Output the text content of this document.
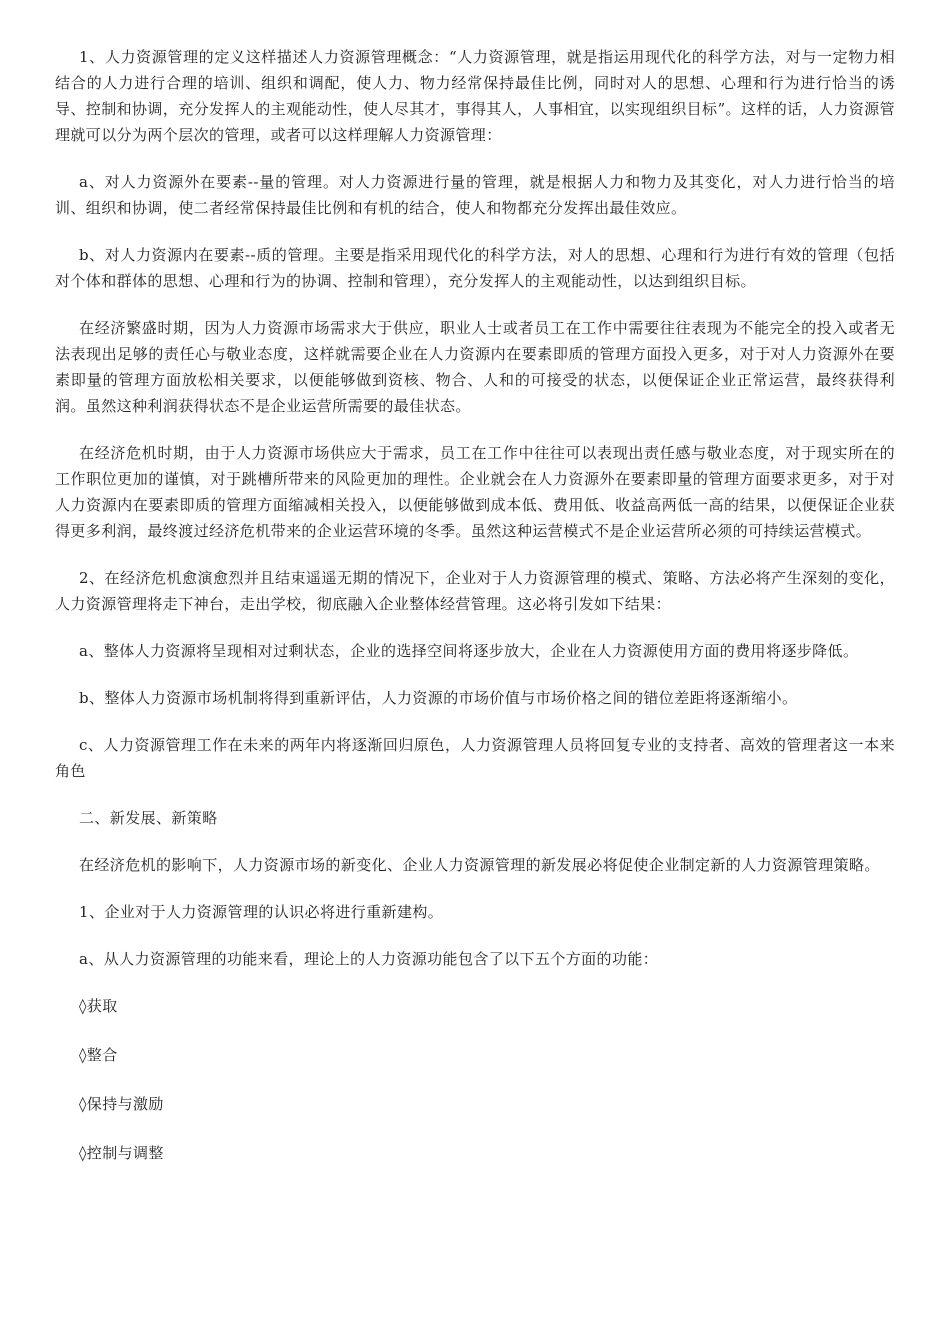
1、人力资源管理的定义这样描述人力资源管理概念：“人力资源管理，就是指运用现代化的科学方法，对与一定物力相结合的人力进行合理的培训、组织和调配，使人力、物力经常保持最佳比例，同时对人的思想、心理和行为进行恰当的诱导、控制和协调，充分发挥人的主观能动性，使人尽其才，事得其人，人事相宜，以实现组织目标”。这样的话，人力资源管理就可以分为两个层次的管理，或者可以这样理解人力资源管理：

a、对人力资源外在要素--量的管理。对人力资源进行量的管理，就是根据人力和物力及其变化，对人力进行恰当的培训、组织和协调，使二者经常保持最佳比例和有机的结合，使人和物都充分发挥出最佳效应。

b、对人力资源内在要素--质的管理。主要是指采用现代化的科学方法，对人的思想、心理和行为进行有效的管理（包括对个体和群体的思想、心理和行为的协调、控制和管理），充分发挥人的主观能动性，以达到组织目标。

在经济繁盛时期，因为人力资源市场需求大于供应，职业人士或者员工在工作中需要往往表现为不能完全的投入或者无法表现出足够的责任心与敬业态度，这样就需要企业在人力资源内在要素即质的管理方面投入更多，对于对人力资源外在要素即量的管理方面放松相关要求，以便能够做到资核、物合、人和的可接受的状态，以便保证企业正常运营，最终获得利润。虽然这种利润获得状态不是企业运营所需要的最佳状态。

在经济危机时期，由于人力资源市场供应大于需求，员工在工作中往往可以表现出责任感与敬业态度，对于现实所在的工作职位更加的谨慎，对于跳槽所带来的风险更加的理性。企业就会在人力资源外在要素即量的管理方面要求更多，对于对人力资源内在要素即质的管理方面缩减相关投入，以便能够做到成本低、费用低、收益高两低一高的结果，以便保证企业获得更多利润，最终渡过经济危机带来的企业运营环境的冬季。虽然这种运营模式不是企业运营所必须的可持续运营模式。

2、在经济危机愈演愈烈并且结束遥遥无期的情况下，企业对于人力资源管理的模式、策略、方法必将产生深刻的变化，人力资源管理将走下神台，走出学校，彻底融入企业整体经营管理。这必将引发如下结果：

a、整体人力资源将呈现相对过剩状态，企业的选择空间将逐步放大，企业在人力资源使用方面的费用将逐步降低。

b、整体人力资源市场机制将得到重新评估，人力资源的市场价值与市场价格之间的错位差距将逐渐缩小。

c、人力资源管理工作在未来的两年内将逐渐回归原色，人力资源管理人员将回复专业的支持者、高效的管理者这一本来角色

二、新发展、新策略

在经济危机的影响下，人力资源市场的新变化、企业人力资源管理的新发展必将促使企业制定新的人力资源管理策略。

1、企业对于人力资源管理的认识必将进行重新建构。

a、从人力资源管理的功能来看，理论上的人力资源功能包含了以下五个方面的功能：

◊获取

◊整合

◊保持与激励

◊控制与调整
